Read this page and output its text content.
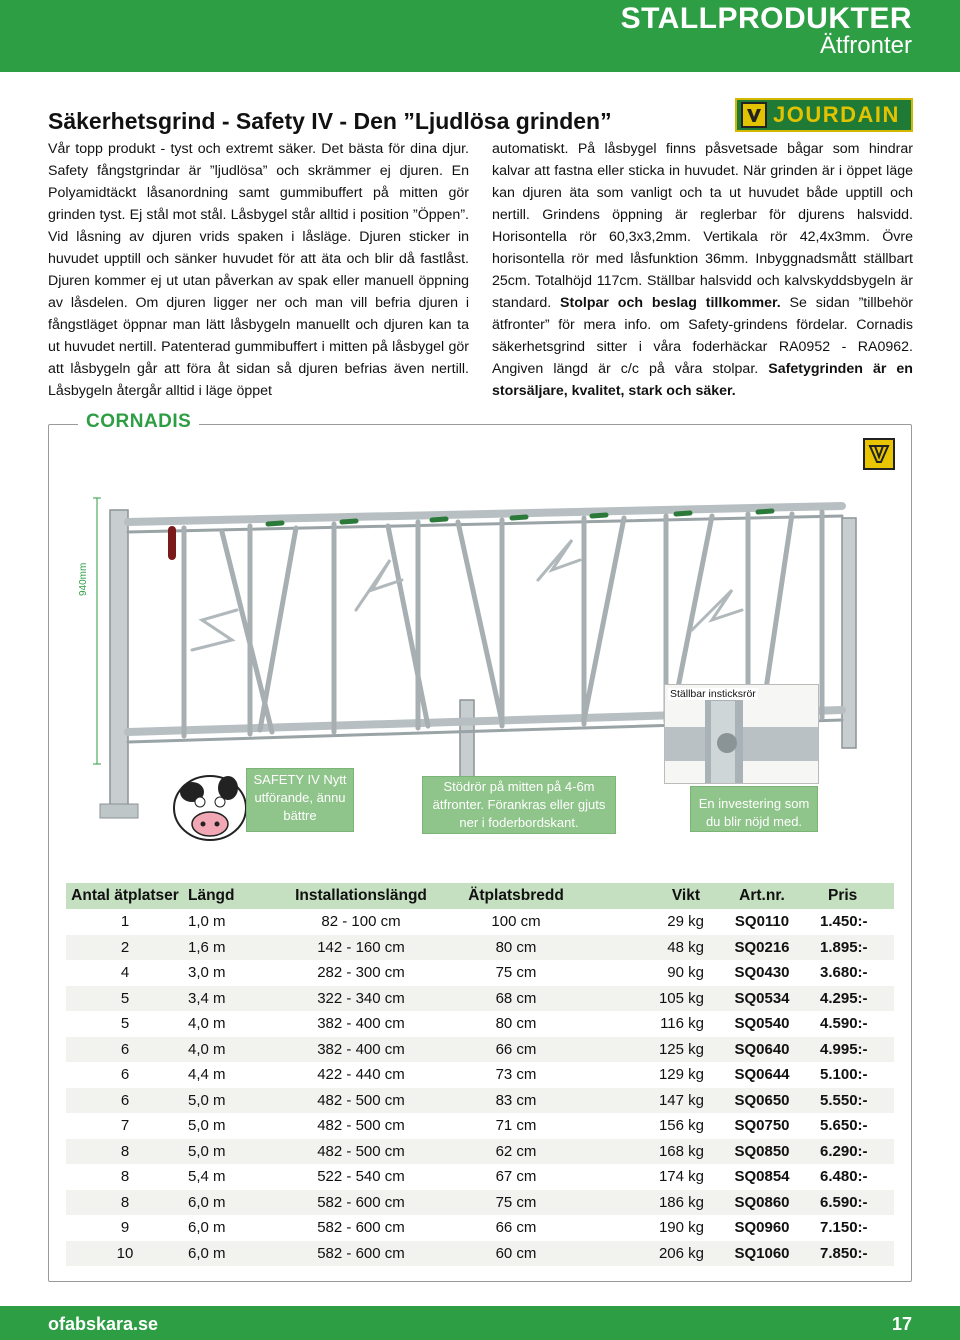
STALLPRODUKTER
Ätfronter
Säkerhetsgrind - Safety IV - Den ”Ljudlösa grinden”	JOURDAIN
Vår topp produkt - tyst och extremt säker. Det bästa för dina djur. Safety fångstgrindar är ”ljudlösa” och skrämmer ej djuren. En Polyamidtäckt låsanordning samt gummibuffert på mitten gör grinden tyst. Ej stål mot stål. Låsbygel står alltid i position ”Öppen”. Vid låsning av djuren vrids spaken i låsläge. Djuren sticker in huvudet upptill och sänker huvudet för att äta och blir då fastlåst. Djuren kommer ej ut utan påverkan av spak eller manuell öppning av låsdelen. Om djuren ligger ner och man vill befria djuren i fångstläget öppnar man lätt låsbygeln manuellt och djuren kan ta ut huvudet nertill. Patenterad gummibuffert i mitten på låsbygel gör att låsbygeln går att föra åt sidan så djuren befrias även nertill. Låsbygeln återgår alltid i läge öppet
automatiskt. På låsbygel finns påsvetsade bågar som hindrar kalvar att fastna eller sticka in huvudet. När grinden är i öppet läge kan djuren äta som vanligt och ta ut huvudet både upptill och nertill. Grindens öppning är reglerbar för djurens halsvidd. Horisontella rör 60,3x3,2mm. Vertikala rör 42,4x3mm. Övre horisontella rör med låsfunktion 36mm. Inbyggnadsmått ställbart 25cm. Totalhöjd 117cm. Ställbar halsvidd och kalvskyddsbygeln är standard. Stolpar och beslag tillkommer. Se sidan ”tillbehör ätfronter” för mera info. om Safety-grindens fördelar. Cornadis säkerhetsgrind sitter i våra foderhäckar RA0952 - RA0962. Angiven längd är c/c på våra stolpar. Safetygrinden är en storsäljare, kvalitet, stark och säker.
CORNADIS
940mm
Ställbar insticksrör
SAFETY IV Nytt utförande, ännu bättre
Stödrör på mitten på 4-6m ätfronter. Förankras eller gjuts ner i foderbordskant.
En investering som du blir nöjd med.
Antal ätplatser	Längd	Installationslängd	Ätplatsbredd	Vikt	Art.nr.	Pris
1	1,0 m	82 - 100 cm	100 cm	29 kg	SQ0110	1.450:-
2	1,6 m	142 - 160 cm	80 cm	48 kg	SQ0216	1.895:-
4	3,0 m	282 - 300 cm	75 cm	90 kg	SQ0430	3.680:-
5	3,4 m	322 - 340 cm	68 cm	105 kg	SQ0534	4.295:-
5	4,0 m	382 - 400 cm	80 cm	116 kg	SQ0540	4.590:-
6	4,0 m	382 - 400 cm	66 cm	125 kg	SQ0640	4.995:-
6	4,4 m	422 - 440 cm	73 cm	129 kg	SQ0644	5.100:-
6	5,0 m	482 - 500 cm	83 cm	147 kg	SQ0650	5.550:-
7	5,0 m	482 - 500 cm	71 cm	156 kg	SQ0750	5.650:-
8	5,0 m	482 - 500 cm	62 cm	168 kg	SQ0850	6.290:-
8	5,4 m	522 - 540 cm	67 cm	174 kg	SQ0854	6.480:-
8	6,0 m	582 - 600 cm	75 cm	186 kg	SQ0860	6.590:-
9	6,0 m	582 - 600 cm	66 cm	190 kg	SQ0960	7.150:-
10	6,0 m	582 - 600 cm	60 cm	206 kg	SQ1060	7.850:-
ofabskara.se	17
